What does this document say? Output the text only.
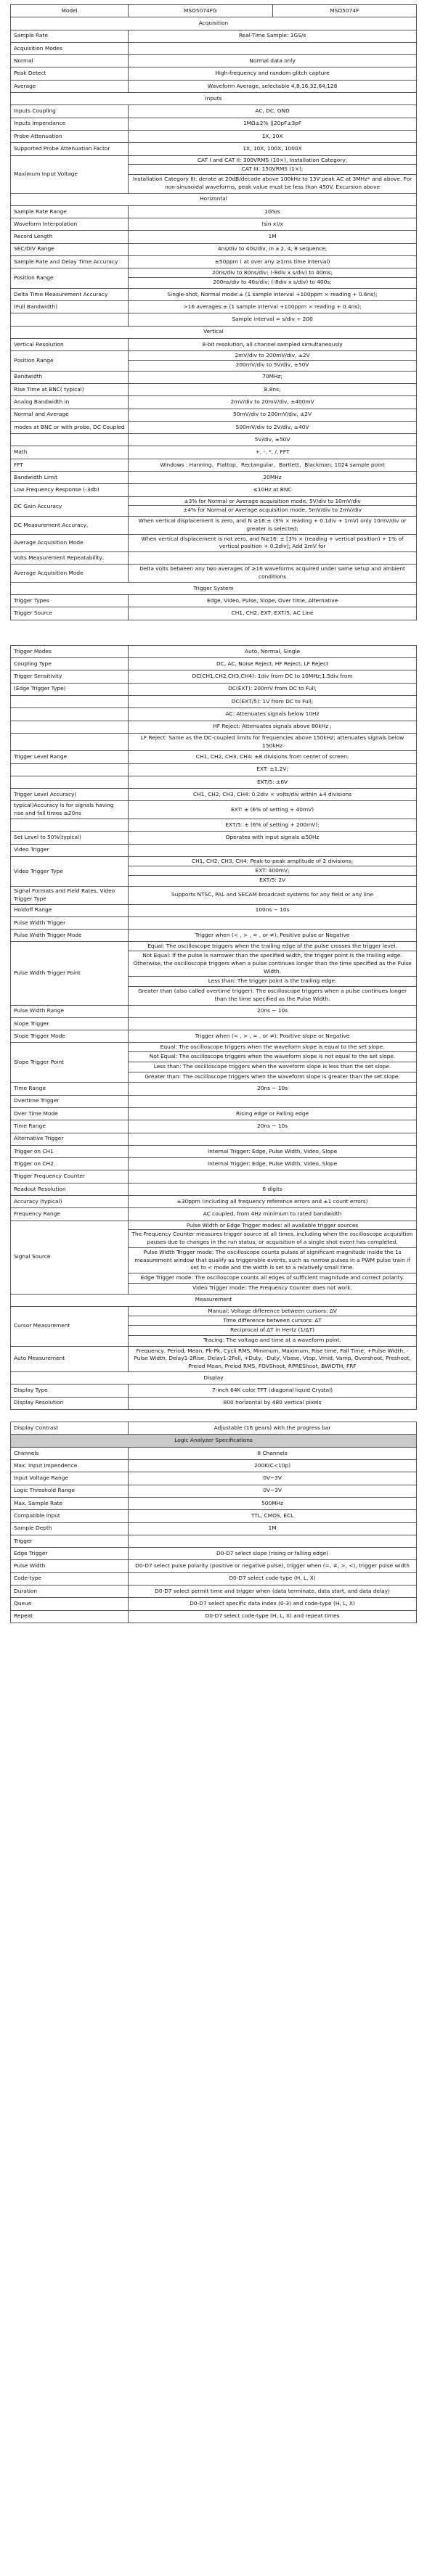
Model	MSO5074FG	MSO5074F
Acquisition		
Sample Rate	Real-Time Sample: 1GS/s	
Acquisition Modes		
Normal	Normal data only	
Peak Detect	High-frequency and random glitch capture	
Average	Waveform Average, selectable 4,8,16,32,64,128	
Inputs		
Inputs Coupling	AC, DC, GND	
Inputs Impendance	1MΩ±2% ||20pF±3pF	
Probe Attenuation	1X, 10X	
Supported Probe Attenuation Factor	1X, 10X, 100X, 1000X	
Maximum Input Voltage	CAT I and CAT II: 300VRMS (10×), Installation Category;
CAT III: 150VRMS (1×);
Installation Category III: derate at 20dB/decade above 100kHz to 13V peak AC at 3MHz* and above. For non-sinusoidal waveforms, peak value must be less than 450V. Excursion above	

Horizontal		
Sample Rate Range	1GS/s	
Waveform Interpolation	(sin x)/x	
Record Length	1M	
SEC/DIV Range	4ns/div to 40s/div, in a 2, 4, 8 sequence;	
Sample Rate and Delay Time Accuracy	±50ppm ( at over any ≥1ms time interval)	
Position Range	20ns/div to 80ns/div; (-8div x s/div) to 40ms;
200ns/div to 40s/div; (-8div x s/div) to 400s;	

Delta Time Measurement Accuracy	Single-shot, Normal mode:± (1 sample interval +100ppm × reading + 0.6ns);	
(Full Bandwidth)	>16 averages:± (1 sample interval +100ppm × reading + 0.4ns);	
	Sample interval = s/div ÷ 200	
Vertical		
Vertical Resolution	8-bit resolution, all channel sampled simultaneously	
Position Range	2mV/div to 200mV/div, ±2V
200mV/div to 5V/div, ±50V	

Bandwidth	70MHz;	
Rise Time at BNC( typical)	8.8ns;	
Analog Bandwidth in	2mV/div to 20mV/div, ±400mV	
Normal and Average	50mV/div to 200mV/div, ±2V	
modes at BNC or with probe, DC Coupled	500mV/div to 2V/div, ±40V	
	5V/div, ±50V	
Math	+, -, *, /, FFT	
FFT	Windows : Hanning、Flattop、Rectangular、Bartlett、Blackman; 1024 sample point	
Bandwidth Limit	20MHz	
Low Frequency Response (-3db)	≤10Hz at BNC	
DC Gain Accuracy	±3% for Normal or Average acquisition mode, 5V/div to 10mV/div
±4% for Normal or Average acquisition mode, 5mV/div to 2mV/div	

DC Measurement Accuracy,	When vertical displacement is zero, and N ≥16:± (3% × reading + 0.1div + 1mV) only 10mV/div or greater is selected;	
Average Acquisition Mode	When vertical displacement is not zero, and N≥16: ± [3% × (reading + vertical position) + 1% of vertical position + 0.2div]; Add 2mV for	
Volts Measurement Repeatability,		
Average Acquisition Mode	Delta volts between any two averages of ≥16 waveforms acquired under same setup and ambient conditions	
Trigger System		
Trigger Types	Edge, Video, Pulse, Slope, Over time, Alternative	
Trigger Source	CH1, CH2, EXT, EXT/5, AC Line	
Trigger Modes	Auto, Normal, Single
Coupling Type	DC, AC, Noise Reject, HF Reject, LF Reject
Trigger Sensitivity	DC(CH1,CH2,CH3,CH4): 1div from DC to 10MHz;1.5div from
(Edge Trigger Type)	DC(EXT): 200mV from DC to Full;
	DC(EXT/5): 1V from DC to Full;
	AC: Attenuates signals below 10Hz
	HF Reject: Attenuates signals above 80kHz ;
	LF Reject: Same as the DC-coupled limits for frequencies above 150kHz; attenuates signals below 150kHz
Trigger Level Range	CH1, CH2, CH3, CH4: ±8 divisions from center of screen;
	EXT: ±1.2V;
	EXT/5: ±6V
Trigger Level Accuracy(	CH1, CH2, CH3, CH4: 0.2div × volts/div within ±4 divisions
typical)Accuracy is for signals having rise and fall times ≥20ns	EXT: ± (6% of setting + 40mV)
	EXT/5: ± (6% of setting + 200mV);
Set Level to 50%(typical)	Operates with input signals ≥50Hz
Video Trigger	
Video Trigger Type	CH1, CH2, CH3, CH4: Peak-to-peak amplitude of 2 divisions;
EXT: 400mV;
EXT/5: 2V

Signal Formats and Field Rates, Video Trigger Type	Supports NTSC, PAL and SECAM broadcast systems for any field or any line
Holdoff Range	100ns ~ 10s
Pulse Width Trigger	
Pulse Width Trigger Mode	Trigger when (< , > , = , or ≠); Positive pulse or Negative
Pulse Width Trigger Point	Equal: The oscilloscope triggers when the trailing edge of the pulse crosses the trigger level.
Not Equal: If the pulse is narrower than the specified width, the trigger point is the trailing edge. Otherwise, the oscilloscope triggers when a pulse continues longer than the time specified as the Pulse Width.
Less than: The trigger point is the trailing edge.
Greater than (also called overtime trigger): The oscilloscope triggers when a pulse continues longer than the time specified as the Pulse Width.

Pulse Width Range	20ns ~ 10s
Slope Trigger	
Slope Trigger Mode	Trigger when (< , > , = , or ≠); Positive slope or Negative
Slope Trigger Point	Equal: The oscilloscope triggers when the waveform slope is equal to the set slope.
Not Equal: The oscilloscope triggers when the waveform slope is not equal to the set slope.
Less than: The oscilloscope triggers when the waveform slope is less than the set slope.
Greater than: The oscilloscope triggers when the waveform slope is greater than the set slope.

Time Range	20ns ~ 10s
Overtime Trigger	
Over Time Mode	Rising edge or Falling edge
Time Range	20ns ~ 10s
Alternative Trigger	
Trigger on CH1	Internal Trigger: Edge, Pulse Width, Video, Slope
Trigger on CH2	Internal Trigger: Edge, Pulse Width, Video, Slope
Trigger Frequency Counter	
Readout Resolution	6 digits
Accuracy (typical)	±30ppm (including all frequency reference errors and ±1 count errors)
Frequency Range	AC coupled, from 4Hz minimum to rated bandwidth
Signal Source	Pulse Width or Edge Trigger modes: all available trigger sources
The Frequency Counter measures trigger source at all times, including when the oscilloscope acquisition pauses due to changes in the run status, or acquisition of a single shot event has completed.
Pulse Width Trigger mode: The oscilloscope counts pulses of significant magnitude inside the 1s measurement window that qualify as triggerable events, such as narrow pulses in a PWM pulse train if set to < mode and the width is set to a relatively small time.
Edge Trigger mode: The oscilloscope counts all edges of sufficient magnitude and correct polarity.
Video Trigger mode: The Frequency Counter does not work.

Measurement	
Cursor Measurement	Manual: Voltage difference between cursors: ΔV
Time difference between cursors: ΔT
Reciprocal of ΔT in Hertz (1/ΔT)
Tracing: The voltage and time at a waveform point.

Auto Measurement	Frequency, Period, Mean, Pk-Pk, Cycli RMS, Minimum, Maximum, Rise time, Fall Time, +Pulse Width, -Pulse Width, Delay1-2Rise, Delay1-2Fall, +Duty, -Duty, Vbase, Vtop, Vmid, Vamp, Overshoot, Preshoot, Preiod Mean, Preiod RMS, FOVShoot, RPREShoot, BWIDTH, FRF
Display	
Display Type	7-inch 64K color TFT (diagonal liquid Crystal)
Display Resolution	800 horizontal by 480 vertical pixels

Display Contrast	Adjustable (16 gears) with the progress bar
Logic Analyzer Specifications	
Channels	8 Channels
Max. Input Impendence	200K(C<10p)
Input Voltage Range	0V~3V
Logic Threshold Range	0V~3V
Max. Sample Rate	500MHz
Compatible Input	TTL, CMOS, ECL
Sample Depth	1M
Trigger	
Edge Trigger	D0-D7 select slope (rising or falling edge)
Pulse Width	D0-D7 select pulse polarity (positive or negative pulse), trigger when (=, ≠, >, <), trigger pulse width
Code-type	D0-D7 select code-type (H, L, X)
Duration	D0-D7 select permit time and trigger when (data terminate, data start, and data delay)
Queue	D0-D7 select specific data index (0-3) and code-type (H, L, X)
Repeat	D0-D7 select code-type (H, L, X) and repeat times
